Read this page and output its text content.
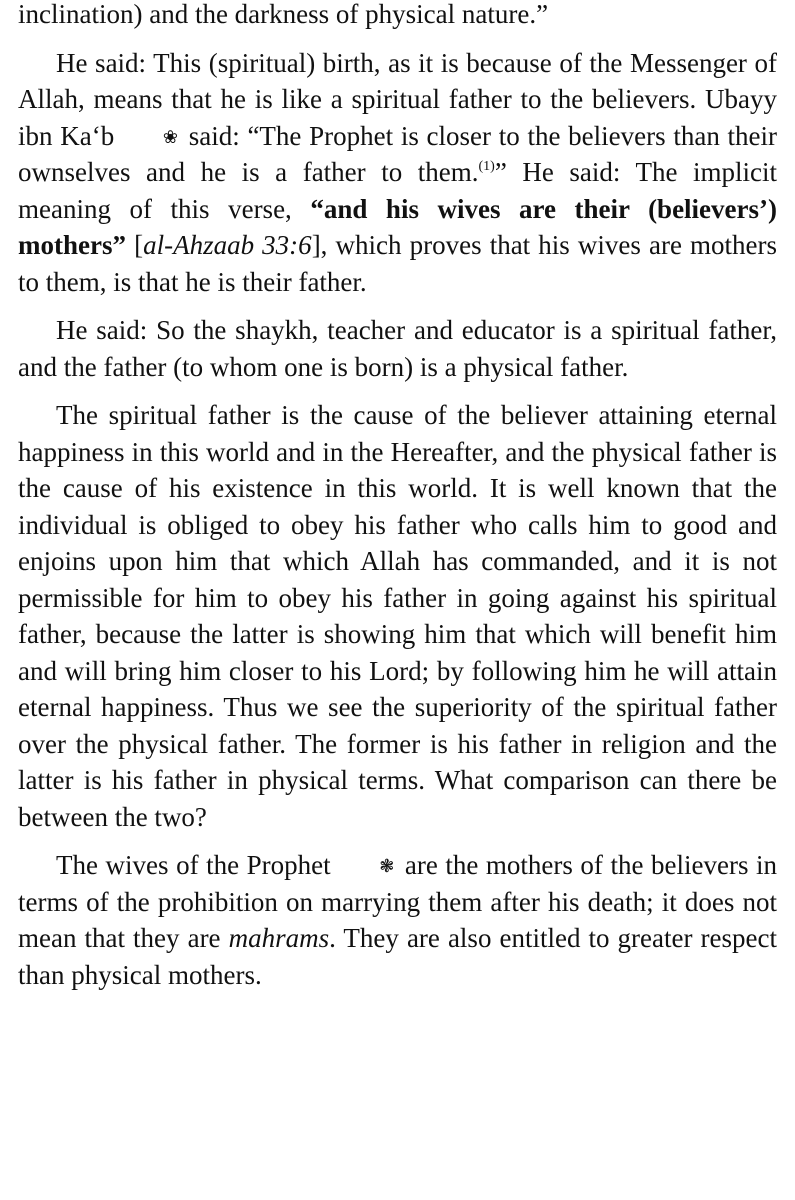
inclination) and the darkness of physical nature.”

He said: This (spiritual) birth, as it is because of the Messenger of Allah, means that he is like a spiritual father to the believers. Ubayy ibn Ka‘b	❀ said: “The Prophet is closer to the believers than their ownselves and he is a father to them.$^{(1)}$” He said: The implicit meaning of this verse, “and his wives are their (believers’) mothers” [al-Ahzaab 33:6], which proves that his wives are mothers to them, is that he is their father.

He said: So the shaykh, teacher and educator is a spiritual father, and the father (to whom one is born) is a physical father.

The spiritual father is the cause of the believer attaining eternal happiness in this world and in the Hereafter, and the physical father is the cause of his existence in this world. It is well known that the individual is obliged to obey his father who calls him to good and enjoins upon him that which Allah has commanded, and it is not permissible for him to obey his father in going against his spiritual father, because the latter is showing him that which will benefit him and will bring him closer to his Lord; by following him he will attain eternal happiness. Thus we see the superiority of the spiritual father over the physical father. The former is his father in religion and the latter is his father in physical terms. What comparison can there be between the two?

The wives of the Prophet	❃ are the mothers of the believers in terms of the prohibition on marrying them after his death; it does not mean that they are mahrams. They are also entitled to greater respect than physical mothers.
